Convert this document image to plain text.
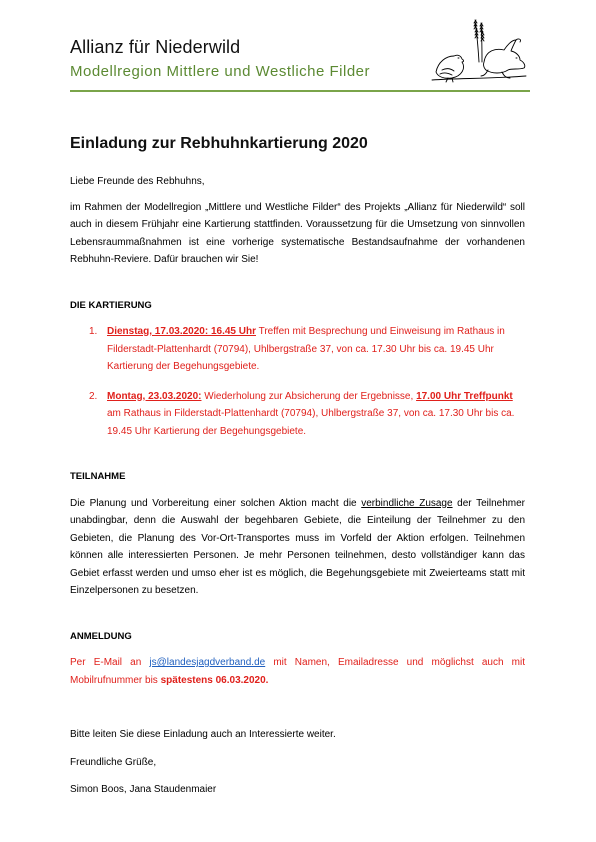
Allianz für Niederwild
Modellregion Mittlere und Westliche Filder
Einladung zur Rebhuhnkartierung 2020

Liebe Freunde des Rebhuhns,

im Rahmen der Modellregion „Mittlere und Westliche Filder“ des Projekts „Allianz für Niederwild“ soll auch in diesem Frühjahr eine Kartierung stattfinden. Voraussetzung für die Umsetzung von sinnvollen Lebensraummaßnahmen ist eine vorherige systematische Bestandsaufnahme der vorhandenen Rebhuhn-Reviere. Dafür brauchen wir Sie!

DIE KARTIERUNG
1. Dienstag, 17.03.2020: 16.45 Uhr Treffen mit Besprechung und Einweisung im Rathaus in Filderstadt-Plattenhardt (70794), Uhlbergstraße 37, von ca. 17.30 Uhr bis ca. 19.45 Uhr Kartierung der Begehungsgebiete.
2. Montag, 23.03.2020: Wiederholung zur Absicherung der Ergebnisse, 17.00 Uhr Treffpunkt am Rathaus in Filderstadt-Plattenhardt (70794), Uhlbergstraße 37, von ca. 17.30 Uhr bis ca. 19.45 Uhr Kartierung der Begehungsgebiete.
TEILNAHME

Die Planung und Vorbereitung einer solchen Aktion macht die verbindliche Zusage der Teilnehmer unabdingbar, denn die Auswahl der begehbaren Gebiete, die Einteilung der Teilnehmer zu den Gebieten, die Planung des Vor-Ort-Transportes muss im Vorfeld der Aktion erfolgen. Teilnehmen können alle interessierten Personen. Je mehr Personen teilnehmen, desto vollständiger kann das Gebiet erfasst werden und umso eher ist es möglich, die Begehungsgebiete mit Zweierteams statt mit Einzelpersonen zu besetzen.

ANMELDUNG

Per E-Mail an js@landesjagdverband.de mit Namen, Emailadresse und möglichst auch mit Mobilrufnummer bis spätestens 06.03.2020.

Bitte leiten Sie diese Einladung auch an Interessierte weiter.

Freundliche Grüße,

Simon Boos, Jana Staudenmaier
